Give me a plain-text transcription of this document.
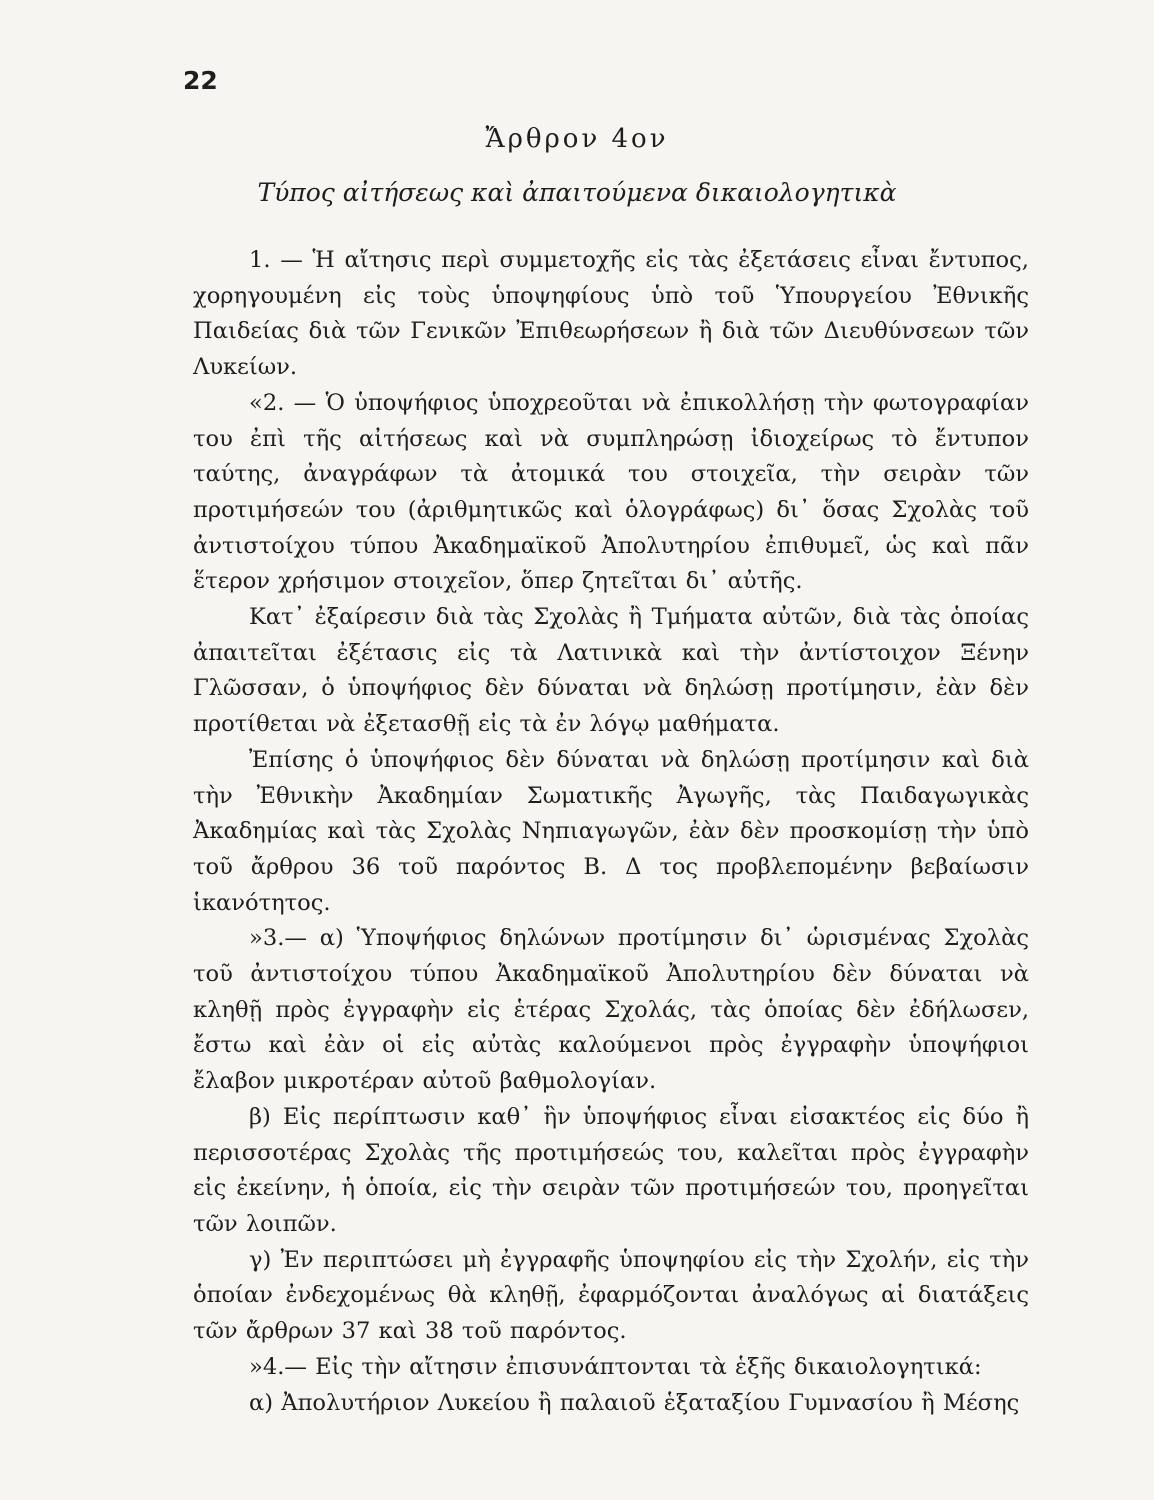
22

Ἄρθρον 4ον

Τύπος αἰτήσεως καὶ ἀπαιτούμενα δικαιολογητικὰ

1. — Ἡ αἴτησις περὶ συμμετοχῆς εἰς τὰς ἐξετάσεις εἶναι ἔντυπος, χορηγουμένη εἰς τοὺς ὑποψηφίους ὑπὸ τοῦ Ὑπουργείου Ἐθνικῆς Παιδείας διὰ τῶν Γενικῶν Ἐπιθεωρήσεων ἢ διὰ τῶν Διευθύνσεων τῶν Λυκείων.

«2. — Ὁ ὑποψήφιος ὑποχρεοῦται νὰ ἐπικολλήσῃ τὴν φωτογραφίαν του ἐπὶ τῆς αἰτήσεως καὶ νὰ συμπληρώσῃ ἰδιοχείρως τὸ ἔντυπον ταύτης, ἀναγράφων τὰ ἀτομικά του στοιχεῖα, τὴν σειρὰν τῶν προτιμήσεών του (ἀριθμητικῶς καὶ ὁλογράφως) δι᾿ ὅσας Σχολὰς τοῦ ἀντιστοίχου τύπου Ἀκαδημαϊκοῦ Ἀπολυτηρίου ἐπιθυμεῖ, ὡς καὶ πᾶν ἕτερον χρήσιμον στοιχεῖον, ὅπερ ζητεῖται δι᾿ αὐτῆς.

Κατ᾿ ἐξαίρεσιν διὰ τὰς Σχολὰς ἢ Τμήματα αὐτῶν, διὰ τὰς ὁποίας ἀπαιτεῖται ἐξέτασις εἰς τὰ Λατινικὰ καὶ τὴν ἀντίστοιχον Ξένην Γλῶσσαν, ὁ ὑποψήφιος δὲν δύναται νὰ δηλώσῃ προτίμησιν, ἐὰν δὲν προτίθεται νὰ ἐξετασθῇ εἰς τὰ ἐν λόγῳ μαθήματα.

Ἐπίσης ὁ ὑποψήφιος δὲν δύναται νὰ δηλώσῃ προτίμησιν καὶ διὰ τὴν Ἐθνικὴν Ἀκαδημίαν Σωματικῆς Ἀγωγῆς, τὰς Παιδαγωγικὰς Ἀκαδημίας καὶ τὰς Σχολὰς Νηπιαγωγῶν, ἐὰν δὲν προσκομίσῃ τὴν ὑπὸ τοῦ ἄρθρου 36 τοῦ παρόντος Β. Δ τος προβλεπομένην βεβαίωσιν ἱκανότητος.

»3.— α) Ὑποψήφιος δηλώνων προτίμησιν δι᾿ ὡρισμένας Σχολὰς τοῦ ἀντιστοίχου τύπου Ἀκαδημαϊκοῦ Ἀπολυτηρίου δὲν δύναται νὰ κληθῇ πρὸς ἐγγραφὴν εἰς ἑτέρας Σχολάς, τὰς ὁποίας δὲν ἐδήλωσεν, ἔστω καὶ ἐὰν οἱ εἰς αὐτὰς καλούμενοι πρὸς ἐγγραφὴν ὑποψήφιοι ἔλαβον μικροτέραν αὐτοῦ βαθμολογίαν.

β) Εἰς περίπτωσιν καθ᾿ ἣν ὑποψήφιος εἶναι εἰσακτέος εἰς δύο ἢ περισσοτέρας Σχολὰς τῆς προτιμήσεώς του, καλεῖται πρὸς ἐγγραφὴν εἰς ἐκείνην, ἡ ὁποία, εἰς τὴν σειρὰν τῶν προτιμήσεών του, προηγεῖται τῶν λοιπῶν.

γ) Ἐν περιπτώσει μὴ ἐγγραφῆς ὑποψηφίου εἰς τὴν Σχολήν, εἰς τὴν ὁποίαν ἐνδεχομένως θὰ κληθῇ, ἐφαρμόζονται ἀναλόγως αἱ διατάξεις τῶν ἄρθρων 37 καὶ 38 τοῦ παρόντος.

»4.— Εἰς τὴν αἴτησιν ἐπισυνάπτονται τὰ ἑξῆς δικαιολογητικά:

α) Ἀπολυτήριον Λυκείου ἢ παλαιοῦ ἑξαταξίου Γυμνασίου ἢ Μέσης
